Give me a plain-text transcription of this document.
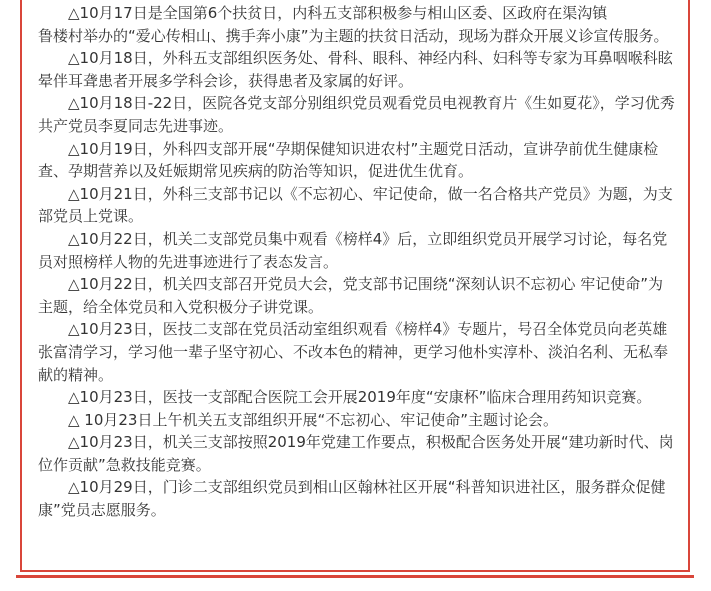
△10月17日是全国第6个扶贫日，内科五支部积极参与相山区委、区政府在渠沟镇

鲁楼村举办的“爱心传相山、携手奔小康”为主题的扶贫日活动，现场为群众开展义诊宣传服务。

△10月18日，外科五支部组织医务处、骨科、眼科、神经内科、妇科等专家为耳鼻咽喉科眩晕伴耳聋患者开展多学科会诊，获得患者及家属的好评。

△10月18日-22日，医院各党支部分别组织党员观看党员电视教育片《生如夏花》，学习优秀共产党员李夏同志先进事迹。

△10月19日，外科四支部开展“孕期保健知识进农村”主题党日活动，宣讲孕前优生健康检查、孕期营养以及妊娠期常见疾病的防治等知识，促进优生优育。

△10月21日，外科三支部书记以《不忘初心、牢记使命，做一名合格共产党员》为题，为支部党员上党课。

△10月22日，机关二支部党员集中观看《榜样4》后，立即组织党员开展学习讨论，每名党员对照榜样人物的先进事迹进行了表态发言。

△10月22日，机关四支部召开党员大会，党支部书记围绕“深刻认识不忘初心 牢记使命”为主题，给全体党员和入党积极分子讲党课。

△10月23日，医技二支部在党员活动室组织观看《榜样4》专题片，号召全体党员向老英雄张富清学习，学习他一辈子坚守初心、不改本色的精神，更学习他朴实淳朴、淡泊名利、无私奉献的精神。

△10月23日，医技一支部配合医院工会开展2019年度“安康杯”临床合理用药知识竞赛。

△ 10月23日上午机关五支部组织开展“不忘初心、牢记使命”主题讨论会。

△10月23日，机关三支部按照2019年党建工作要点，积极配合医务处开展“建功新时代、岗位作贡献”急救技能竞赛。

△10月29日，门诊二支部组织党员到相山区翰林社区开展“科普知识进社区，服务群众促健康”党员志愿服务。
